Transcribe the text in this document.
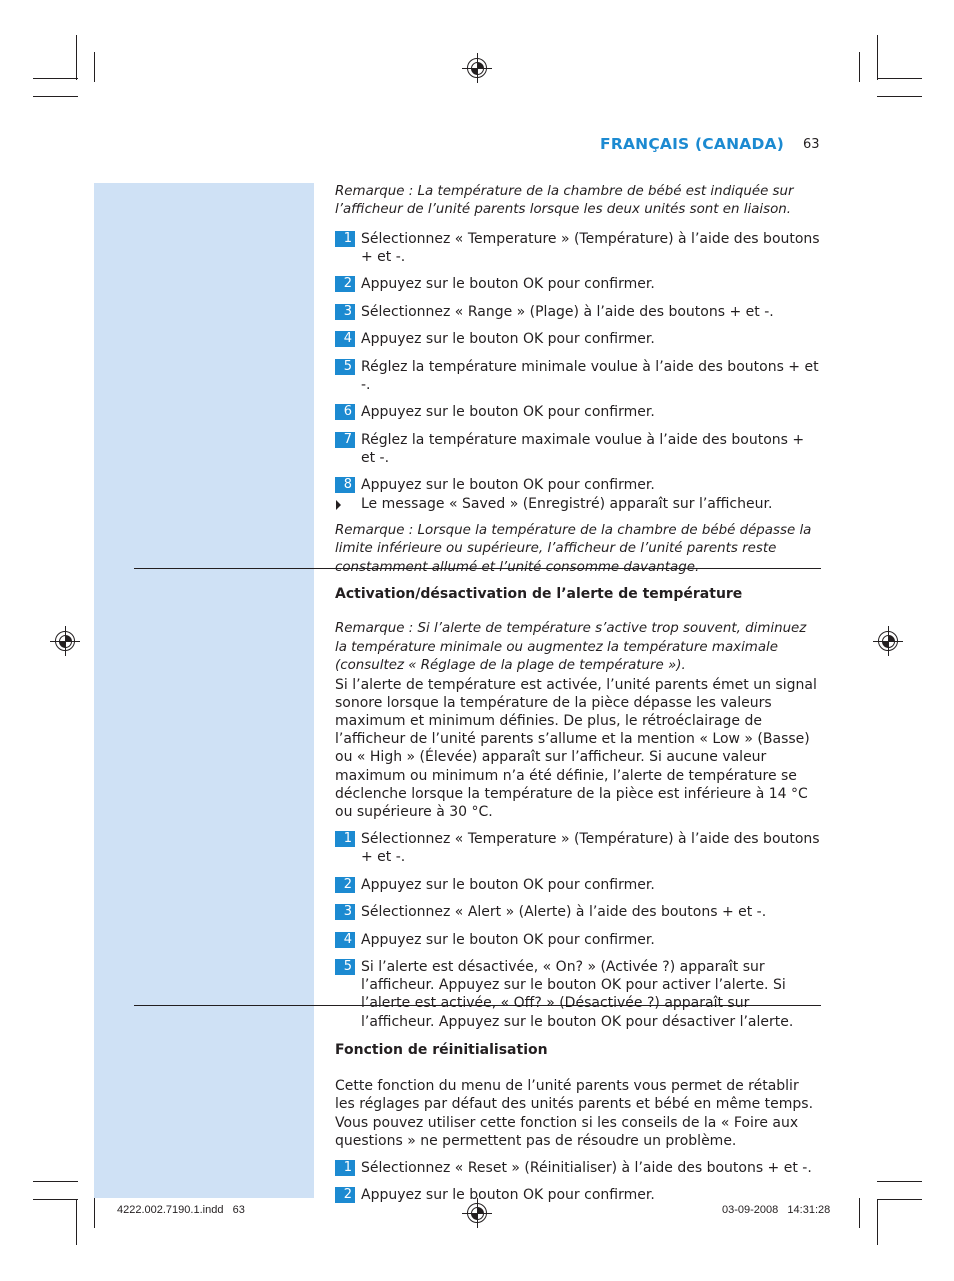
FRANÇAIS (CANADA) 63

Remarque : La température de la chambre de bébé est indiquée sur l’afficheur de l’unité parents lorsque les deux unités sont en liaison.

1 Sélectionnez « Temperature » (Température) à l’aide des boutons + et -.
2 Appuyez sur le bouton OK pour confirmer.
3 Sélectionnez « Range » (Plage) à l’aide des boutons + et -.
4 Appuyez sur le bouton OK pour confirmer.
5 Réglez la température minimale voulue à l’aide des boutons + et -.
6 Appuyez sur le bouton OK pour confirmer.
7 Réglez la température maximale voulue à l’aide des boutons + et -.
8 Appuyez sur le bouton OK pour confirmer.
Le message « Saved » (Enregistré) apparaît sur l’afficheur.

Remarque : Lorsque la température de la chambre de bébé dépasse la limite inférieure ou supérieure, l’afficheur de l’unité parents reste constamment allumé et l’unité consomme davantage.

Activation/désactivation de l’alerte de température

Remarque : Si l’alerte de température s’active trop souvent, diminuez la température minimale ou augmentez la température maximale (consultez « Réglage de la plage de température »).

Si l’alerte de température est activée, l’unité parents émet un signal sonore lorsque la température de la pièce dépasse les valeurs maximum et minimum définies. De plus, le rétroéclairage de l’afficheur de l’unité parents s’allume et la mention « Low » (Basse) ou « High » (Élevée) apparaît sur l’afficheur. Si aucune valeur maximum ou minimum n’a été définie, l’alerte de température se déclenche lorsque la température de la pièce est inférieure à 14 °C ou supérieure à 30 °C.

1 Sélectionnez « Temperature » (Température) à l’aide des boutons + et -.
2 Appuyez sur le bouton OK pour confirmer.
3 Sélectionnez « Alert » (Alerte) à l’aide des boutons + et -.
4 Appuyez sur le bouton OK pour confirmer.
5 Si l’alerte est désactivée, « On? » (Activée ?) apparaît sur l’afficheur. Appuyez sur le bouton OK pour activer l’alerte. Si l’alerte est activée, « Off? » (Désactivée ?) apparaît sur l’afficheur. Appuyez sur le bouton OK pour désactiver l’alerte.

Fonction de réinitialisation

Cette fonction du menu de l’unité parents vous permet de rétablir les réglages par défaut des unités parents et bébé en même temps. Vous pouvez utiliser cette fonction si les conseils de la « Foire aux questions » ne permettent pas de résoudre un problème.

1 Sélectionnez « Reset » (Réinitialiser) à l’aide des boutons + et -.
2 Appuyez sur le bouton OK pour confirmer.
4222.002.7190.1.indd   63	03-09-2008   14:31:28
